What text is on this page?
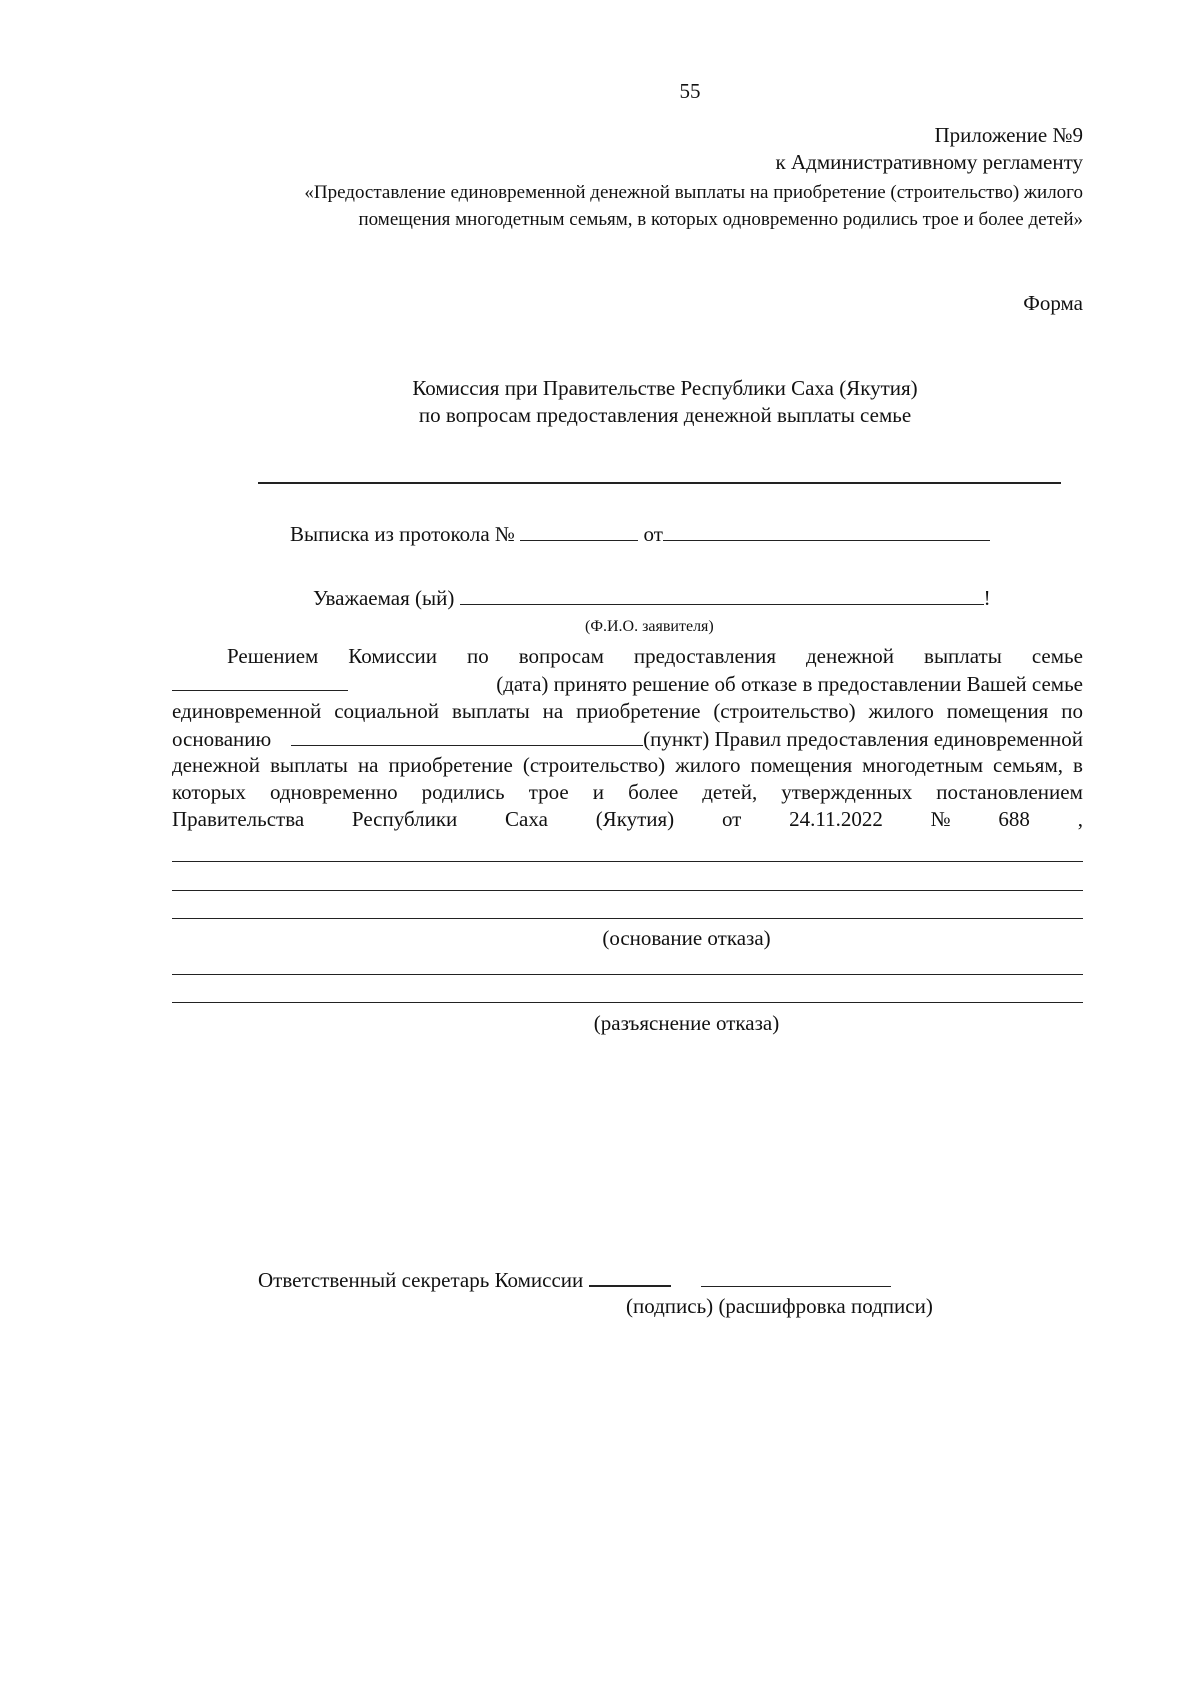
55
Приложение №9
к Административному регламенту
«Предоставление единовременной денежной выплаты на приобретение (строительство) жилого
помещения многодетным семьям, в которых одновременно родились трое и более детей»
Форма
Комиссия при Правительстве Республики Саха (Якутия)
по вопросам предоставления денежной выплаты семье
Выписка из протокола №	от
Уважаемая (ый)	!
(Ф.И.О. заявителя)
Решением Комиссии по вопросам предоставления денежной выплаты семье
(дата) принято решение об отказе в предоставлении Вашей семье
единовременной социальной выплаты на приобретение (строительство) жилого помещения по
основанию	(пункт) Правил предоставления единовременной
денежной выплаты на приобретение (строительство) жилого помещения многодетным семьям, в
которых одновременно родились трое и более детей, утвержденных постановлением
Правительства Республики Саха (Якутия) от 24.11.2022 № 688 ,
(основание отказа)
(разъяснение отказа)
Ответственный секретарь Комиссии
(подпись) (расшифровка подписи)
